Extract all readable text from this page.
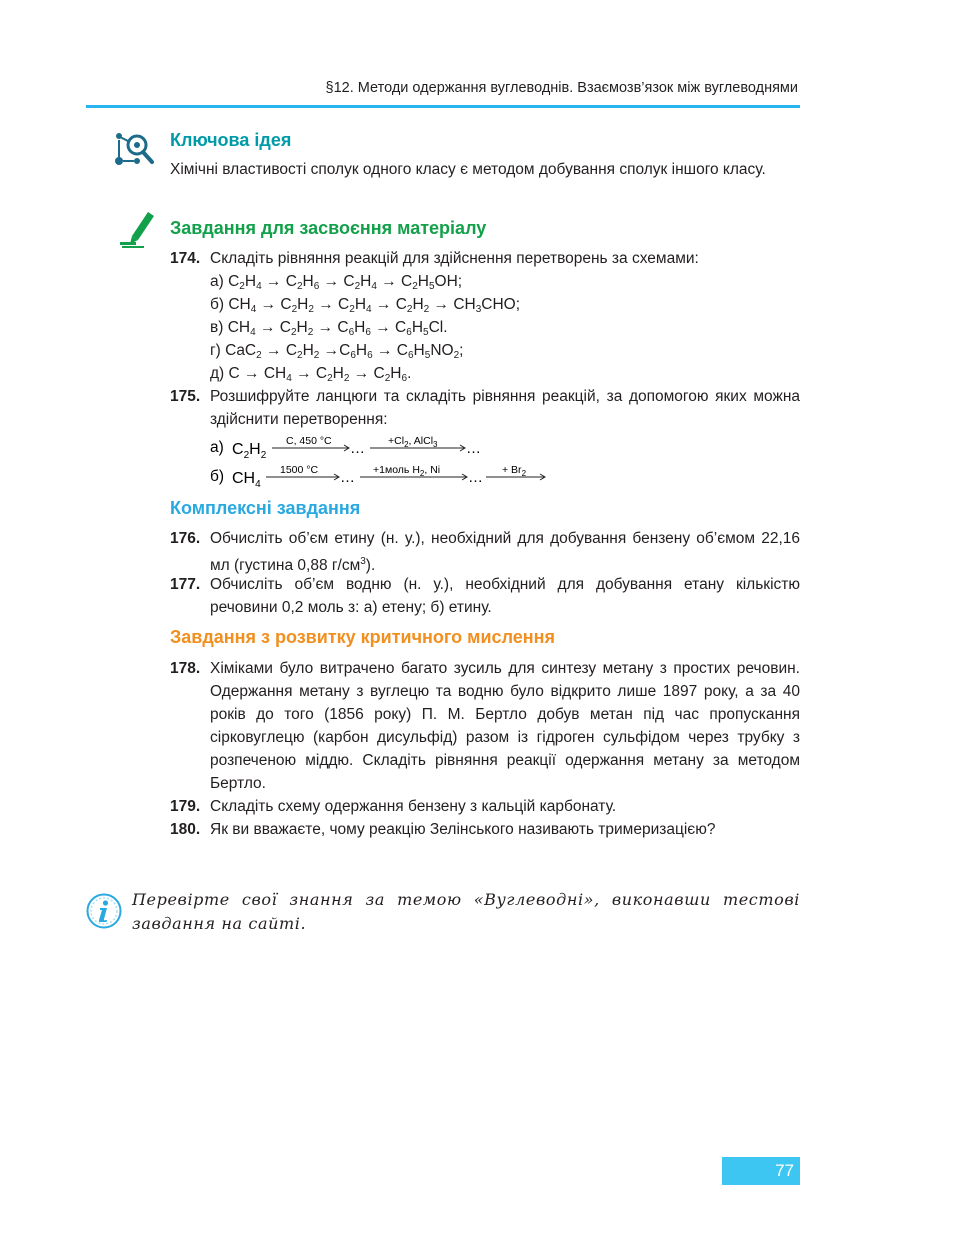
§12. Методи одержання вуглеводнів. Взаємозв’язок між вуглеводнями
Ключова ідея
Хімічні властивості сполук одного класу є методом добування сполук іншого класу.
Завдання для засвоєння матеріалу
174. Складіть рівняння реакцій для здійснення перетворень за схемами:
а) $C_2H_4 \to C_2H_6 \to C_2H_4 \to C_2H_5OH$;
б) $CH_4 \to C_2H_2 \to C_2H_4 \to C_2H_2 \to CH_3CHO$;
в) $CH_4 \to C_2H_2 \to C_6H_6 \to C_6H_5Cl$.
г) $CaC_2 \to C_2H_2 \to C_6H_6 \to C_6H_5NO_2$;
д) $C \to CH_4 \to C_2H_2 \to C_2H_6$.
175. Розшифруйте ланцюги та складіть рівняння реакцій, за допомогою яких можна здійснити перетворення:
а) $C_2H_2$
C, 450 °C … $+Cl_2$, AlCl$_3$ …
б) $CH_4$
1500 °C … +1моль $H_2$, Ni … + $Br_2$
Комплексні завдання
176. Обчисліть об’єм етину (н. у.), необхідний для добування бензену об’ємом 22,16 мл (густина 0,88 $г/см^3$).
177. Обчисліть об’єм водню (н. у.), необхідний для добування етану кількістю речовини 0,2 моль з: а) етену; б) етину.
Завдання з розвитку критичного мислення
178. Хіміками було витрачено багато зусиль для синтезу метану з простих речовин. Одержання метану з вуглецю та водню було відкрито лише 1897 року, а за 40 років до того (1856 року) П. М. Бертло добув метан під час пропускання сірковуглецю (карбон дисульфід) разом із гідроген сульфідом через трубку з розпеченою міддю. Складіть рівняння реакції одержання метану за методом Бертло.
179. Складіть схему одержання бензену з кальцій карбонату.
180. Як ви вважаєте, чому реакцію Зелінського називають тримеризацією?
Перевірте свої знання за темою «Вуглеводні», виконавши тестові завдання на сайті.
77
